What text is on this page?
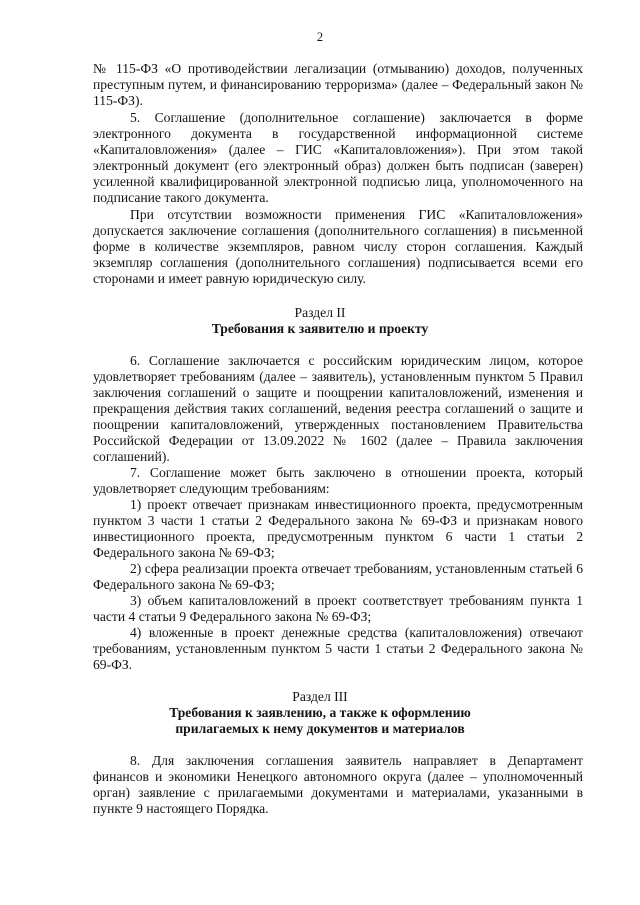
2

№ 115-ФЗ «О противодействии легализации (отмыванию) доходов, полученных преступным путем, и финансированию терроризма» (далее – Федеральный закон № 115-ФЗ).

5. Соглашение (дополнительное соглашение) заключается в форме электронного документа в государственной информационной системе «Капиталовложения» (далее – ГИС «Капиталовложения»). При этом такой электронный документ (его электронный образ) должен быть подписан (заверен) усиленной квалифицированной электронной подписью лица, уполномоченного на подписание такого документа.

При отсутствии возможности применения ГИС «Капиталовложения» допускается заключение соглашения (дополнительного соглашения) в письменной форме в количестве экземпляров, равном числу сторон соглашения. Каждый экземпляр соглашения (дополнительного соглашения) подписывается всеми его сторонами и имеет равную юридическую силу.

Раздел II

Требования к заявителю и проекту

6. Соглашение заключается с российским юридическим лицом, которое удовлетворяет требованиям (далее – заявитель), установленным пунктом 5 Правил заключения соглашений о защите и поощрении капиталовложений, изменения и прекращения действия таких соглашений, ведения реестра соглашений о защите и поощрении капиталовложений, утвержденных постановлением Правительства Российской Федерации от 13.09.2022 № 1602 (далее – Правила заключения соглашений).

7. Соглашение может быть заключено в отношении проекта, который удовлетворяет следующим требованиям:

1) проект отвечает признакам инвестиционного проекта, предусмотренным пунктом 3 части 1 статьи 2 Федерального закона № 69-ФЗ и признакам нового инвестиционного проекта, предусмотренным пунктом 6 части 1 статьи 2 Федерального закона № 69-ФЗ;

2) сфера реализации проекта отвечает требованиям, установленным статьей 6 Федерального закона № 69-ФЗ;

3) объем капиталовложений в проект соответствует требованиям пункта 1 части 4 статьи 9 Федерального закона № 69-ФЗ;

4) вложенные в проект денежные средства (капиталовложения) отвечают требованиям, установленным пунктом 5 части 1 статьи 2 Федерального закона № 69-ФЗ.

Раздел III

Требования к заявлению, а также к оформлению

прилагаемых к нему документов и материалов

8. Для заключения соглашения заявитель направляет в Департамент финансов и экономики Ненецкого автономного округа (далее – уполномоченный орган) заявление с прилагаемыми документами и материалами, указанными в пункте 9 настоящего Порядка.
